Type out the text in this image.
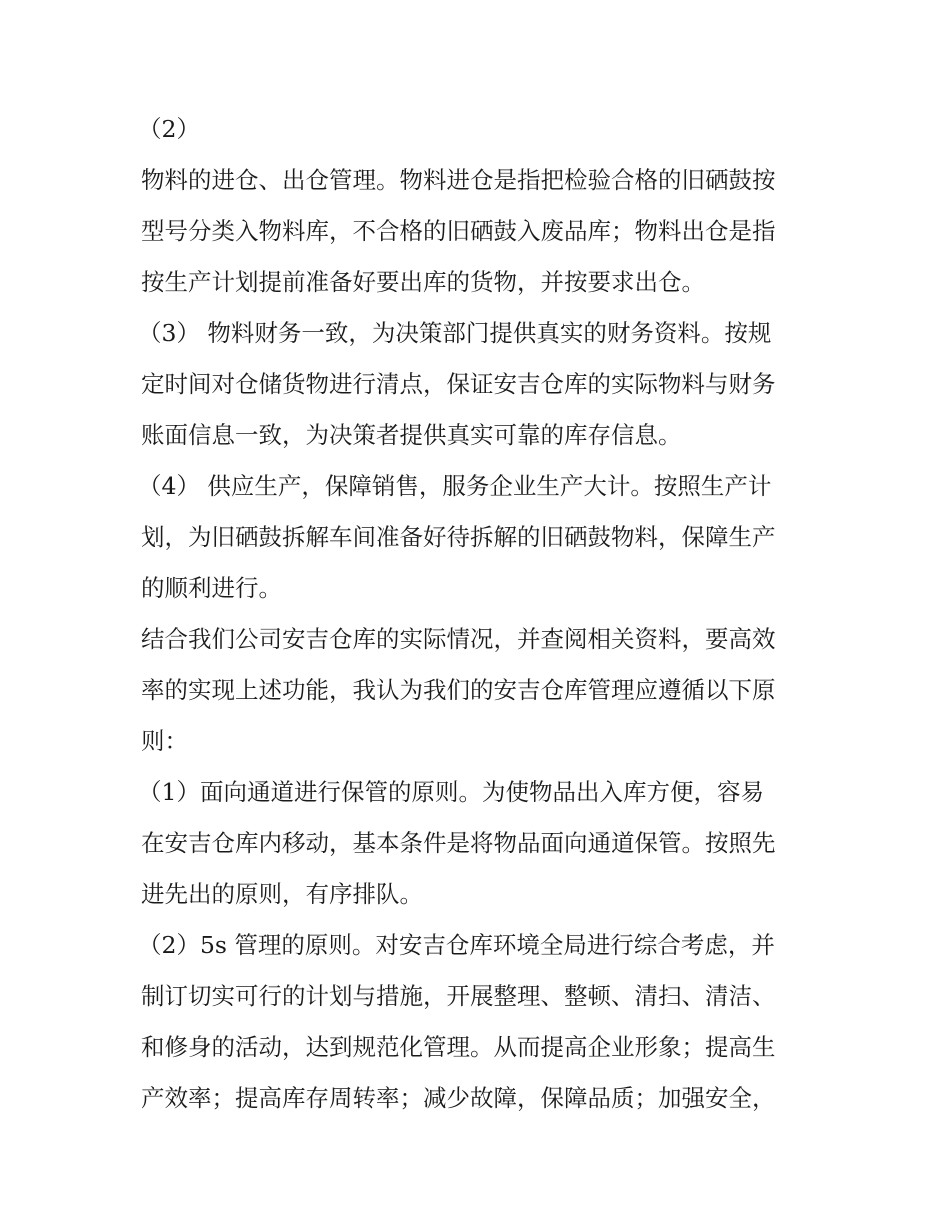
（2）
物料的进仓、出仓管理。物料进仓是指把检验合格的旧硒鼓按
型号分类入物料库，不合格的旧硒鼓入废品库；物料出仓是指
按生产计划提前准备好要出库的货物，并按要求出仓。
（3） 物料财务一致，为决策部门提供真实的财务资料。按规
定时间对仓储货物进行清点，保证安吉仓库的实际物料与财务
账面信息一致，为决策者提供真实可靠的库存信息。
（4） 供应生产，保障销售，服务企业生产大计。按照生产计
划，为旧硒鼓拆解车间准备好待拆解的旧硒鼓物料，保障生产
的顺利进行。
结合我们公司安吉仓库的实际情况，并查阅相关资料，要高效
率的实现上述功能，我认为我们的安吉仓库管理应遵循以下原
则：
（1）面向通道进行保管的原则。为使物品出入库方便，容易
在安吉仓库内移动，基本条件是将物品面向通道保管。按照先
进先出的原则，有序排队。
（2）5s 管理的原则。对安吉仓库环境全局进行综合考虑，并
制订切实可行的计划与措施，开展整理、整顿、清扫、清洁、
和修身的活动，达到规范化管理。从而提高企业形象；提高生
产效率；提高库存周转率；减少故障，保障品质；加强安全，
